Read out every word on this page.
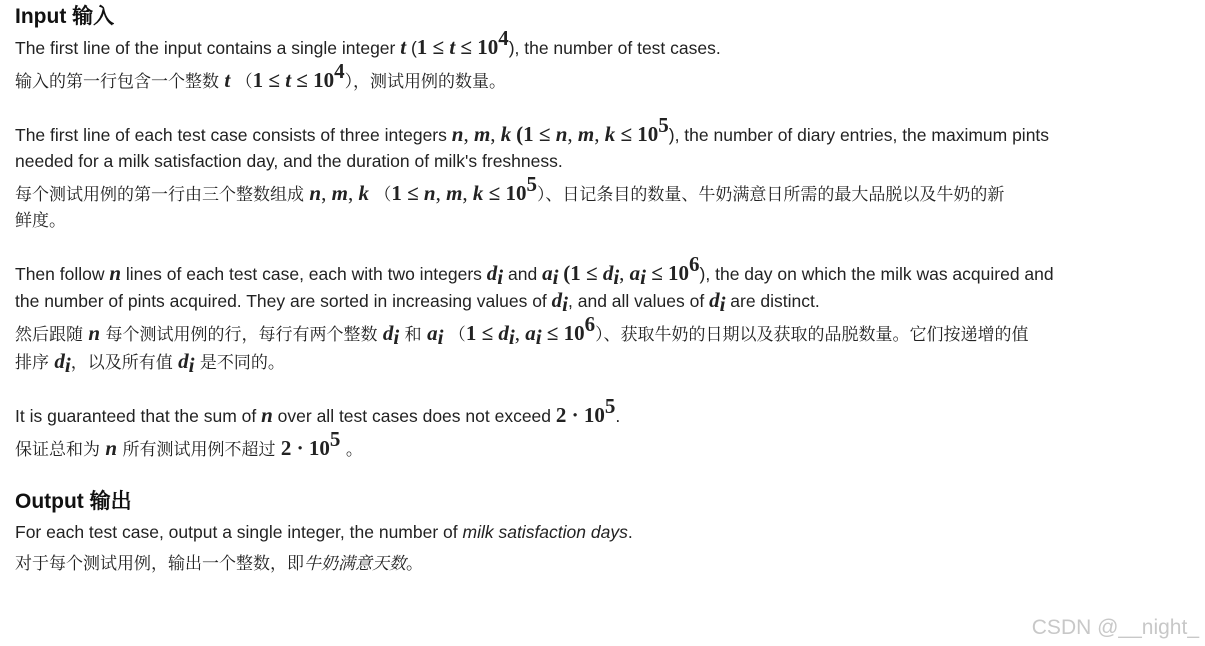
Input 输入

The first line of the input contains a single integer t $(1 \le t \le 10^4)$, the number of test cases.

输入的第一行包含一个整数 t $(1 \le t \le 10^4)$，测试用例的数量。

The first line of each test case consists of three integers n, m, k (1 ≤ n, m, $k \le 10^5$), the number of diary entries, the maximum pints
needed for a milk satisfaction day, and the duration of milk's freshness.

每个测试用例的第一行由三个整数组成 n, m, k （1 ≤ n, m, $k \le 10^5$）、日记条目的数量、牛奶满意日所需的最大品脱以及牛奶的新
鲜度。

Then follow n lines of each test case, each with two integers $d_i$ and $a_i$ ($1 \le d_i$, $a_i \le 10^6$), the day on which the milk was acquired and
the number of pints acquired. They are sorted in increasing values of $d_i$, and all values of $d_i$ are distinct.

然后跟随 n 每个测试用例的行，每行有两个整数 $d_i$ 和 $a_i$ （$1 \le d_i$, $a_i \le 10^6$）、获取牛奶的日期以及获取的品脱数量。它们按递增的值
排序 $d_i$，以及所有值 $d_i$ 是不同的。

It is guaranteed that the sum of n over all test cases does not exceed $2 \cdot 10^5$.

保证总和为 n 所有测试用例不超过 $2 \cdot 10^5$ 。

Output 输出

For each test case, output a single integer, the number of milk satisfaction days.

对于每个测试用例，输出一个整数，即牛奶满意天数。

CSDN @__night_
